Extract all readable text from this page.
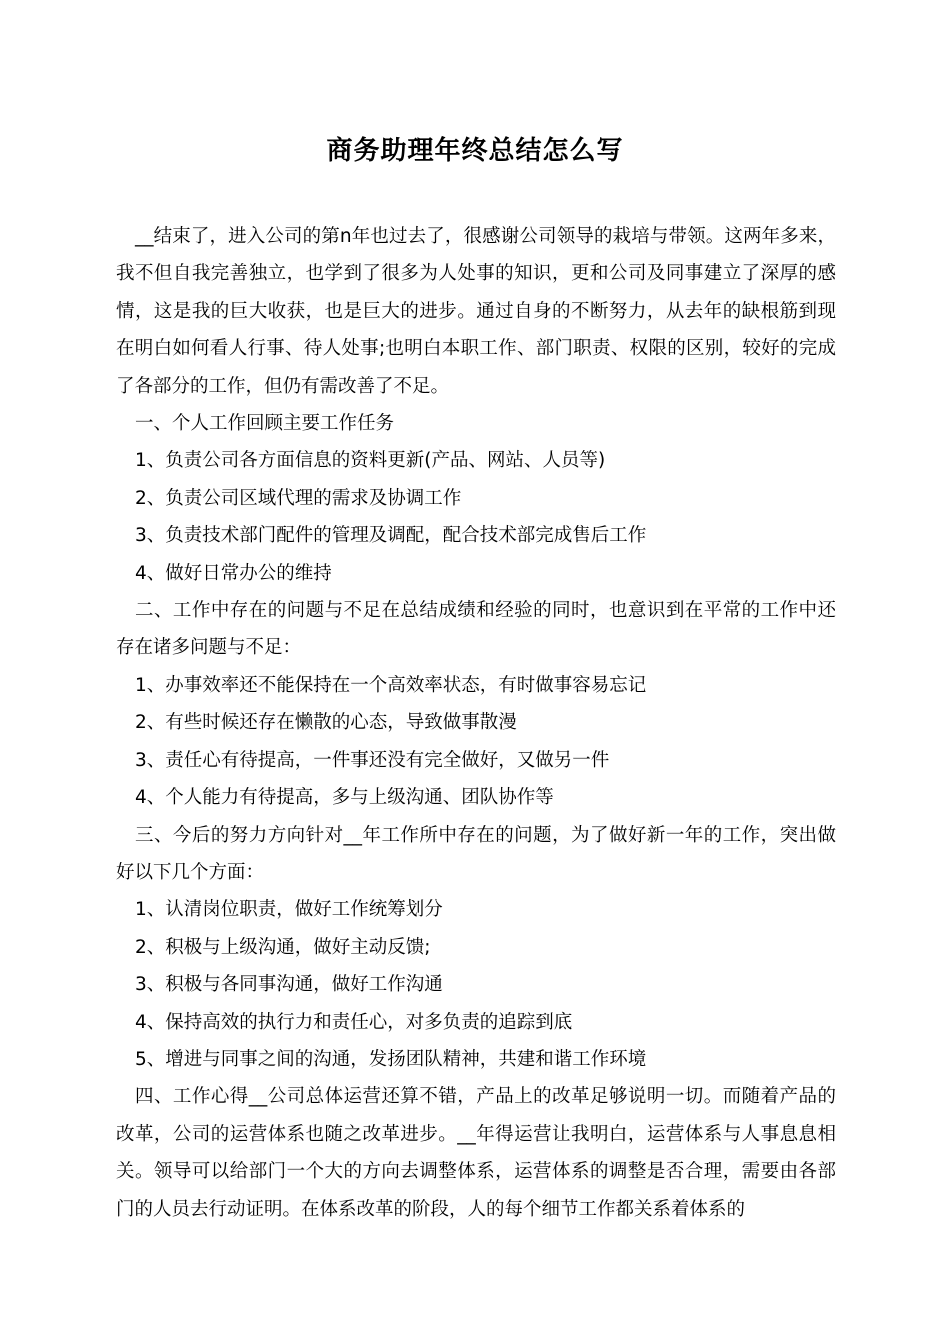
商务助理年终总结怎么写

__结束了，进入公司的第n年也过去了，很感谢公司领导的栽培与带领。这两年多来，我不但自我完善独立，也学到了很多为人处事的知识，更和公司及同事建立了深厚的感情，这是我的巨大收获，也是巨大的进步。通过自身的不断努力，从去年的缺根筋到现在明白如何看人行事、待人处事;也明白本职工作、部门职责、权限的区别，较好的完成了各部分的工作，但仍有需改善了不足。

一、个人工作回顾主要工作任务

1、负责公司各方面信息的资料更新(产品、网站、人员等)

2、负责公司区域代理的需求及协调工作

3、负责技术部门配件的管理及调配，配合技术部完成售后工作

4、做好日常办公的维持

二、工作中存在的问题与不足在总结成绩和经验的同时，也意识到在平常的工作中还存在诸多问题与不足：

1、办事效率还不能保持在一个高效率状态，有时做事容易忘记

2、有些时候还存在懒散的心态，导致做事散漫

3、责任心有待提高，一件事还没有完全做好，又做另一件

4、个人能力有待提高，多与上级沟通、团队协作等

三、今后的努力方向针对__年工作所中存在的问题，为了做好新一年的工作，突出做好以下几个方面：

1、认清岗位职责，做好工作统筹划分

2、积极与上级沟通，做好主动反馈;

3、积极与各同事沟通，做好工作沟通

4、保持高效的执行力和责任心，对多负责的追踪到底

5、增进与同事之间的沟通，发扬团队精神，共建和谐工作环境

四、工作心得__公司总体运营还算不错，产品上的改革足够说明一切。而随着产品的改革，公司的运营体系也随之改革进步。__年得运营让我明白，运营体系与人事息息相关。领导可以给部门一个大的方向去调整体系，运营体系的调整是否合理，需要由各部门的人员去行动证明。在体系改革的阶段，人的每个细节工作都关系着体系的
